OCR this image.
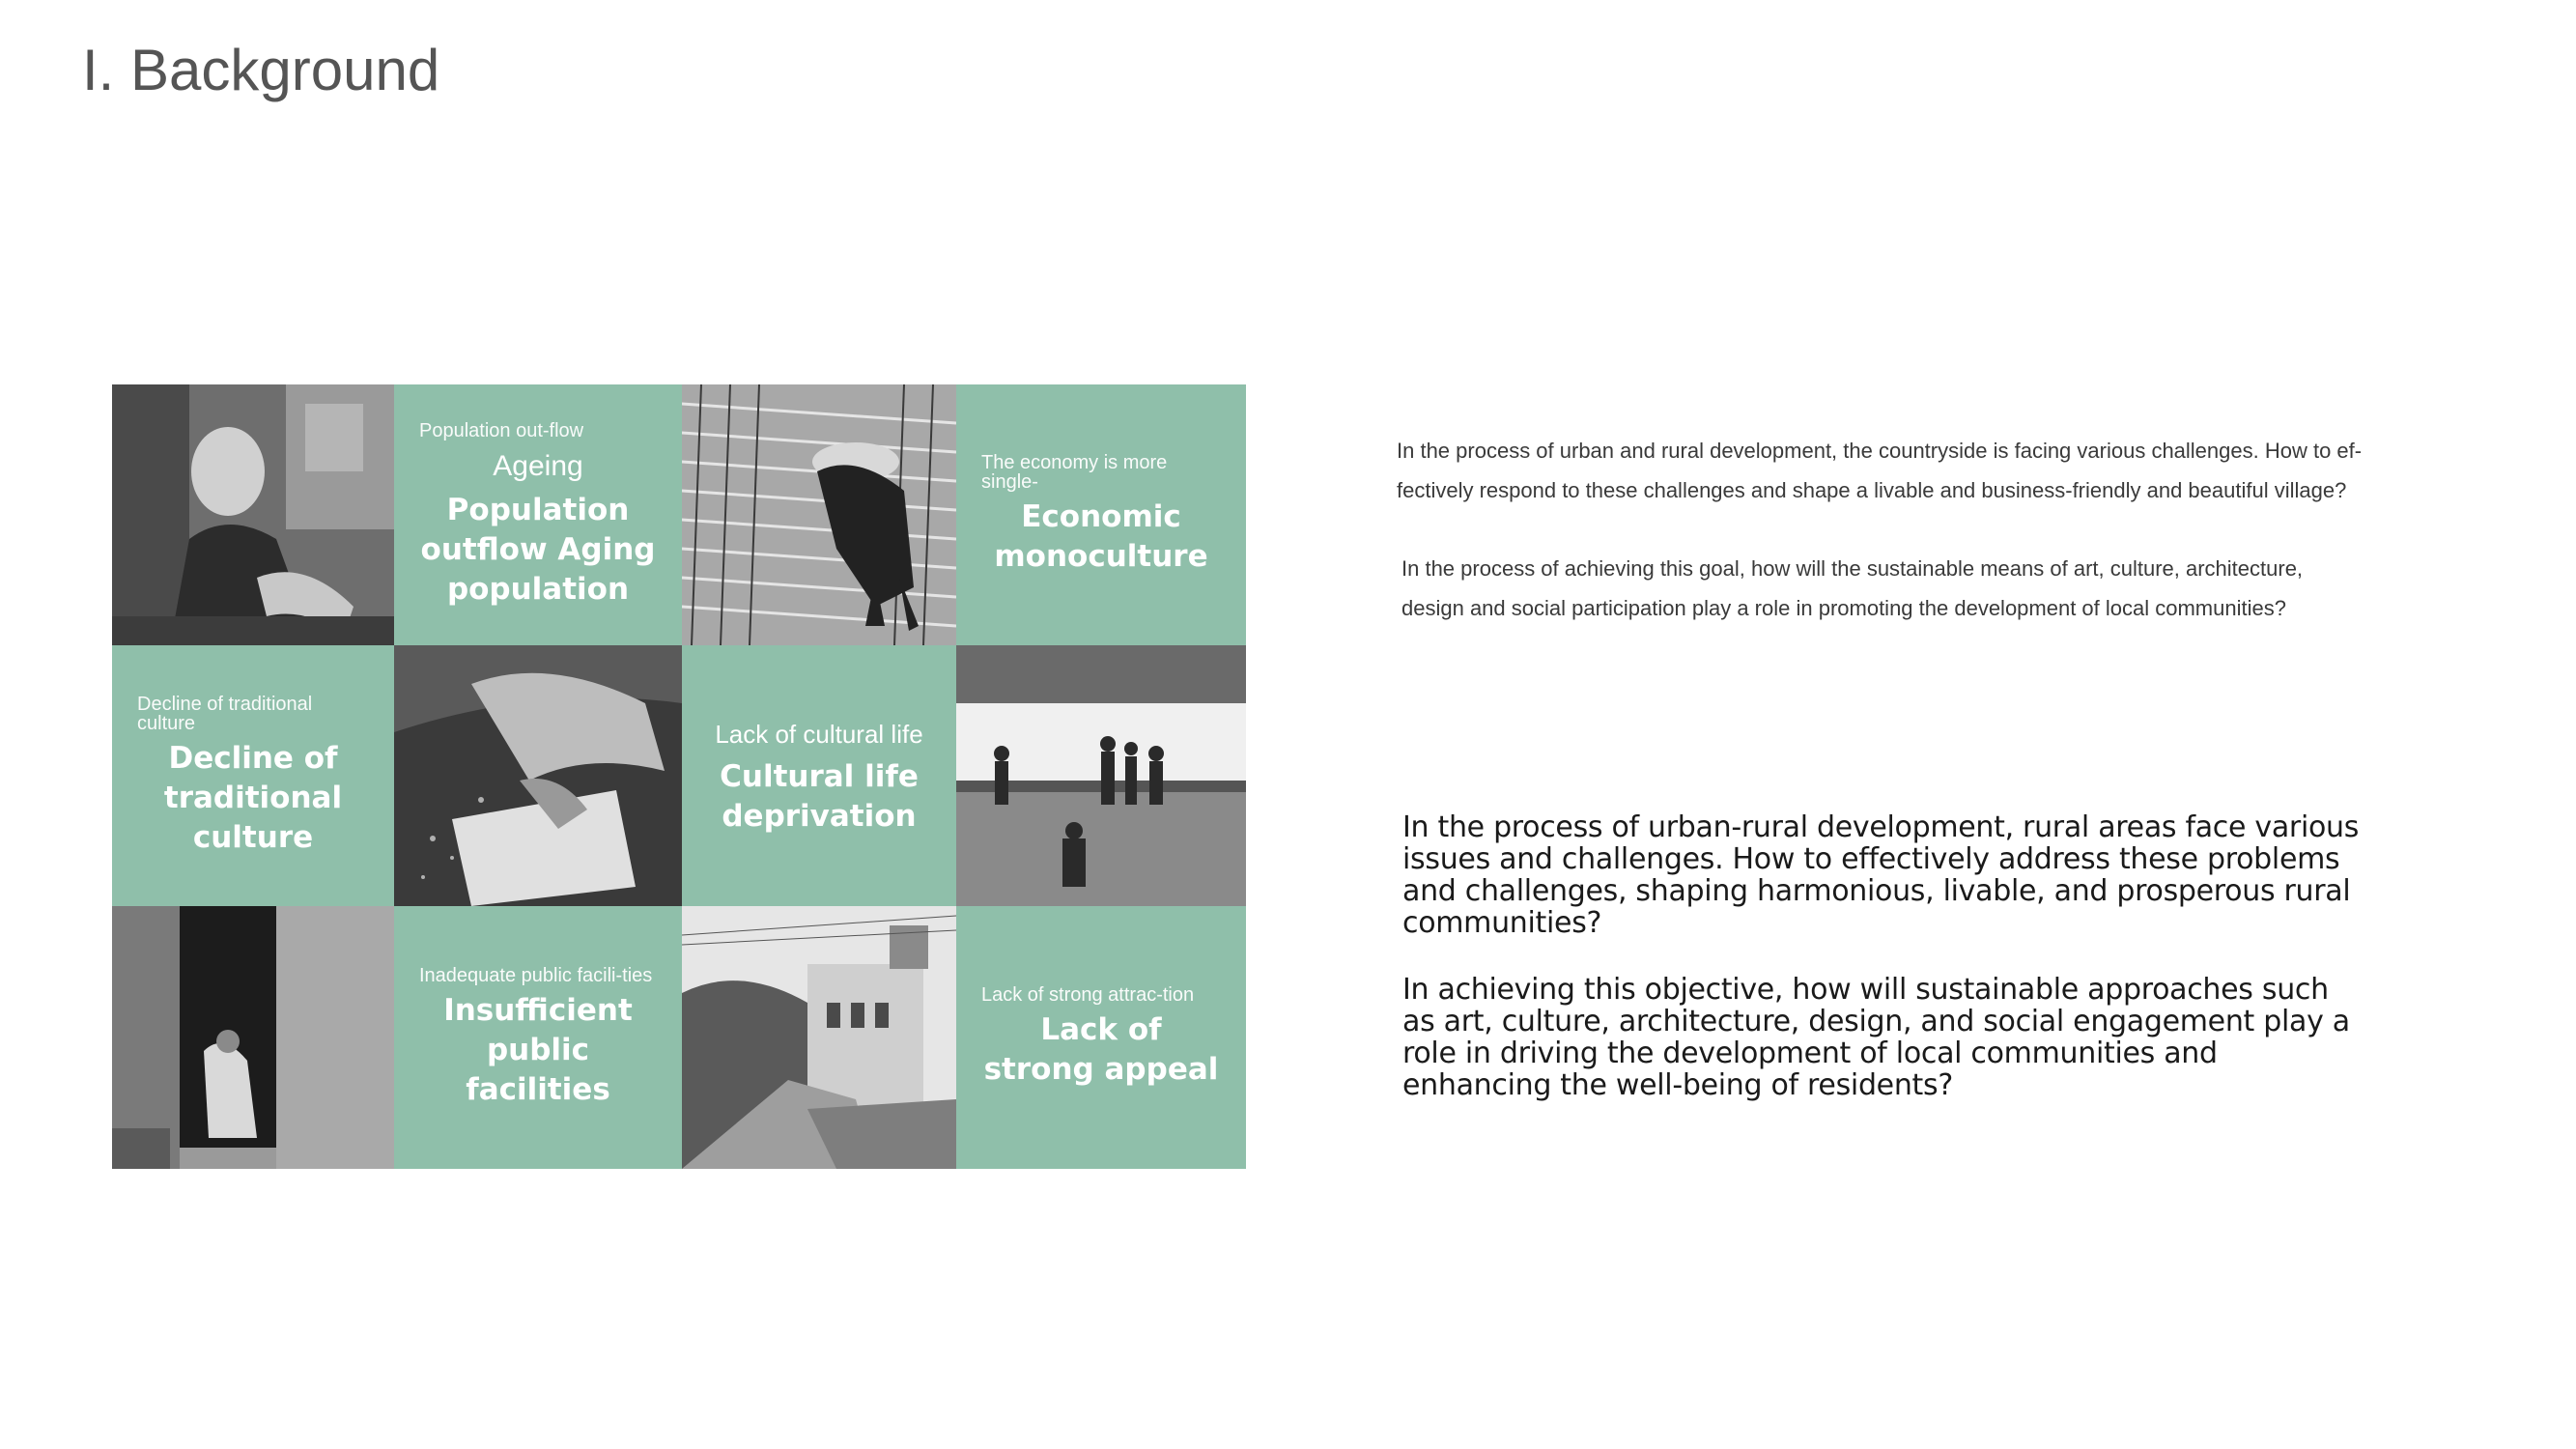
I. Background
Population out-flow
Ageing
Population outflow Aging population
The economy is more single-
Economic monoculture
Decline of traditional culture
Decline of traditional culture
Lack of cultural life
Cultural life deprivation
Inadequate public facili-ties
Insufficient public facilities
Lack of strong attrac-tion
Lack of strong appeal

In the process of urban and rural development, the countryside is facing various challenges. How to ef-fectively respond to these challenges and shape a livable and business-friendly and beautiful village?

In the process of achieving this goal, how will the sustainable means of art, culture, architecture, design and social participation play a role in promoting the development of local communities?

In the process of urban-rural development, rural areas face various issues and challenges. How to effectively address these problems and challenges, shaping harmonious, livable, and prosperous rural communities?

In achieving this objective, how will sustainable approaches such as art, culture, architecture, design, and social engagement play a role in driving the development of local communities and enhancing the well-being of residents?
